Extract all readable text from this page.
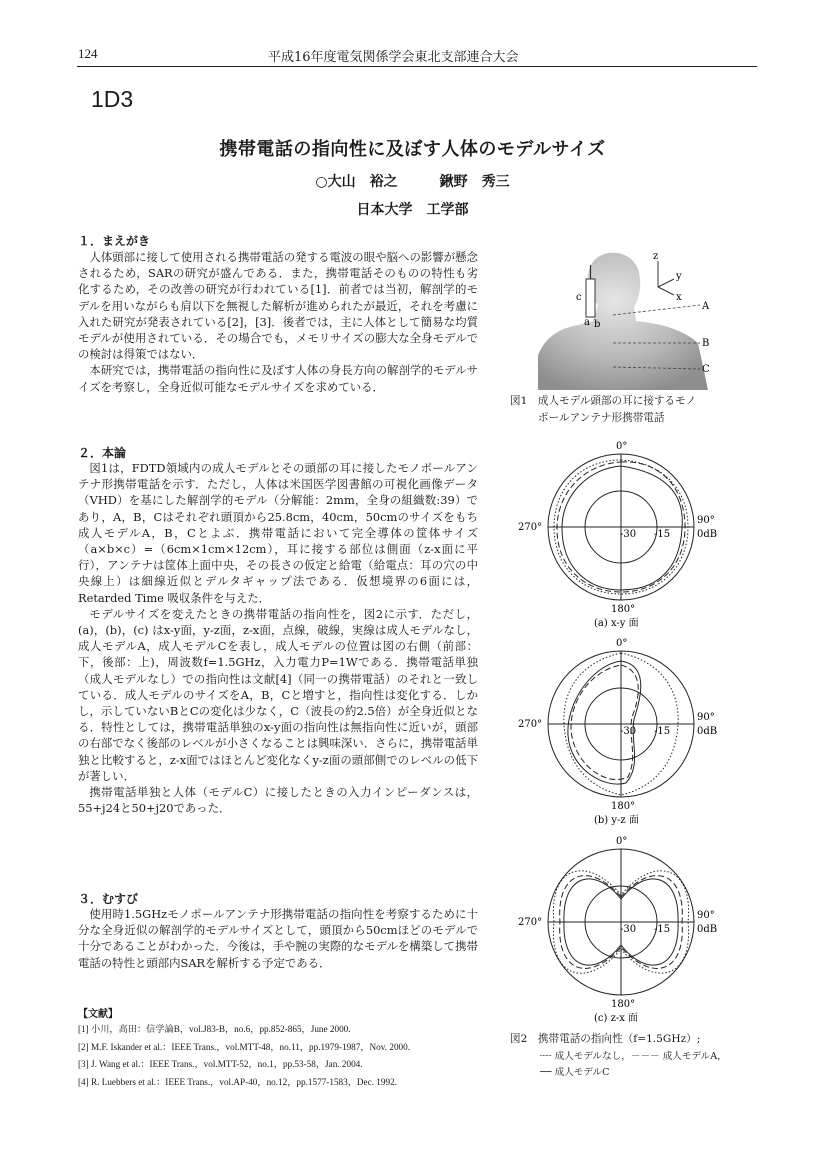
124	平成16年度電気関係学会東北支部連合大会
1D3
携帯電話の指向性に及ぼす人体のモデルサイズ
○大山　裕之　　　鍬野　秀三
日本大学　工学部
１．まえがき

人体頭部に接して使用される携帯電話の発する電波の眼や脳への影響が懸念されるため，SARの研究が盛んである．また，携帯電話そのものの特性も劣化するため，その改善の研究が行われている[1]．前者では当初，解剖学的モデルを用いながらも肩以下を無視した解析が進められたが最近，それを考慮に入れた研究が発表されている[2]，[3]．後者では，主に人体として簡易な均質モデルが使用されている．その場合でも，メモリサイズの膨大な全身モデルでの検討は得策ではない．

本研究では，携帯電話の指向性に及ぼす人体の身長方向の解剖学的モデルサイズを考察し，全身近似可能なモデルサイズを求めている．

２．本論

図1は，FDTD領域内の成人モデルとその頭部の耳に接したモノポールアンテナ形携帯電話を示す．ただし，人体は米国医学図書館の可視化画像データ（VHD）を基にした解剖学的モデル（分解能：2mm，全身の組織数:39）であり，A，B，Cはそれぞれ頭頂から25.8cm，40cm，50cmのサイズをもち成人モデルA，B，Cとよぶ．携帯電話において完全導体の筐体サイズ（a×b×c）=（6cm×1cm×12cm），耳に接する部位は側面（z-x面に平行），アンテナは筐体上面中央，その長さの仮定と給電（給電点：耳の穴の中央線上）は細線近似とデルタギャップ法である．仮想境界の6面には，Retarded Time 吸収条件を与えた．

モデルサイズを変えたときの携帯電話の指向性を，図2に示す．ただし，(a)，(b)，(c) はx-y面，y-z面，z-x面，点線，破線，実線は成人モデルなし，成人モデルA，成人モデルCを表し，成人モデルの位置は図の右側（前部：下，後部：上)，周波数f=1.5GHz，入力電力P=1Wである．携帯電話単独（成人モデルなし）での指向性は文献[4]（同一の携帯電話）のそれと一致している．成人モデルのサイズをA，B，Cと増すと，指向性は変化する．しかし，示していないBとCの変化は少なく，C（波長の約2.5倍）が全身近似となる．特性としては，携帯電話単独のx-y面の指向性は無指向性に近いが，頭部の右部でなく後部のレベルが小さくなることは興味深い．さらに，携帯電話単独と比較すると，z-x面ではほとんど変化なくy-z面の頭部側でのレベルの低下が著しい．

携帯電話単独と人体（モデルC）に接したときの入力インピーダンスは，55+j24と50+j20であった．

３．むすび

使用時1.5GHzモノポールアンテナ形携帯電話の指向性を考察するために十分な全身近似の解剖学的モデルサイズとして，頭頂から50cmほどのモデルで十分であることがわかった．今後は，手や腕の実際的なモデルを構築して携帯電話の特性と頭部内SARを解析する予定である．

【文献】
[1] 小川，高田：信学論B，vol.J83-B，no.6，pp.852-865，June 2000.
[2] M.F. Iskander et al.：IEEE Trans.，vol.MTT-48，no.11，pp.1979-1987，Nov. 2000.
[3] J. Wang et al.：IEEE Trans.，vol.MTT-52，no.1，pp.53-58，Jan. 2004.
[4] R. Luebbers et al.：IEEE Trans.，vol.AP-40，no.12，pp.1577-1583，Dec. 1992.
c
a b
z
y
x
A
B
C
図1　成人モデル頭部の耳に接するモノ
ポールアンテナ形携帯電話
0°
270°
90°
0dB
-30 -15
180°
(a) x-y 面
0°
270°
90°
0dB
-30 -15
180°
(b) y-z 面
0°
270°
90°
0dB
-30 -15
180°
(c) z-x 面
図2　携帯電話の指向性（f=1.5GHz）;
┈┈ 成人モデルなし，－－－ 成人モデルA，
── 成人モデルC
